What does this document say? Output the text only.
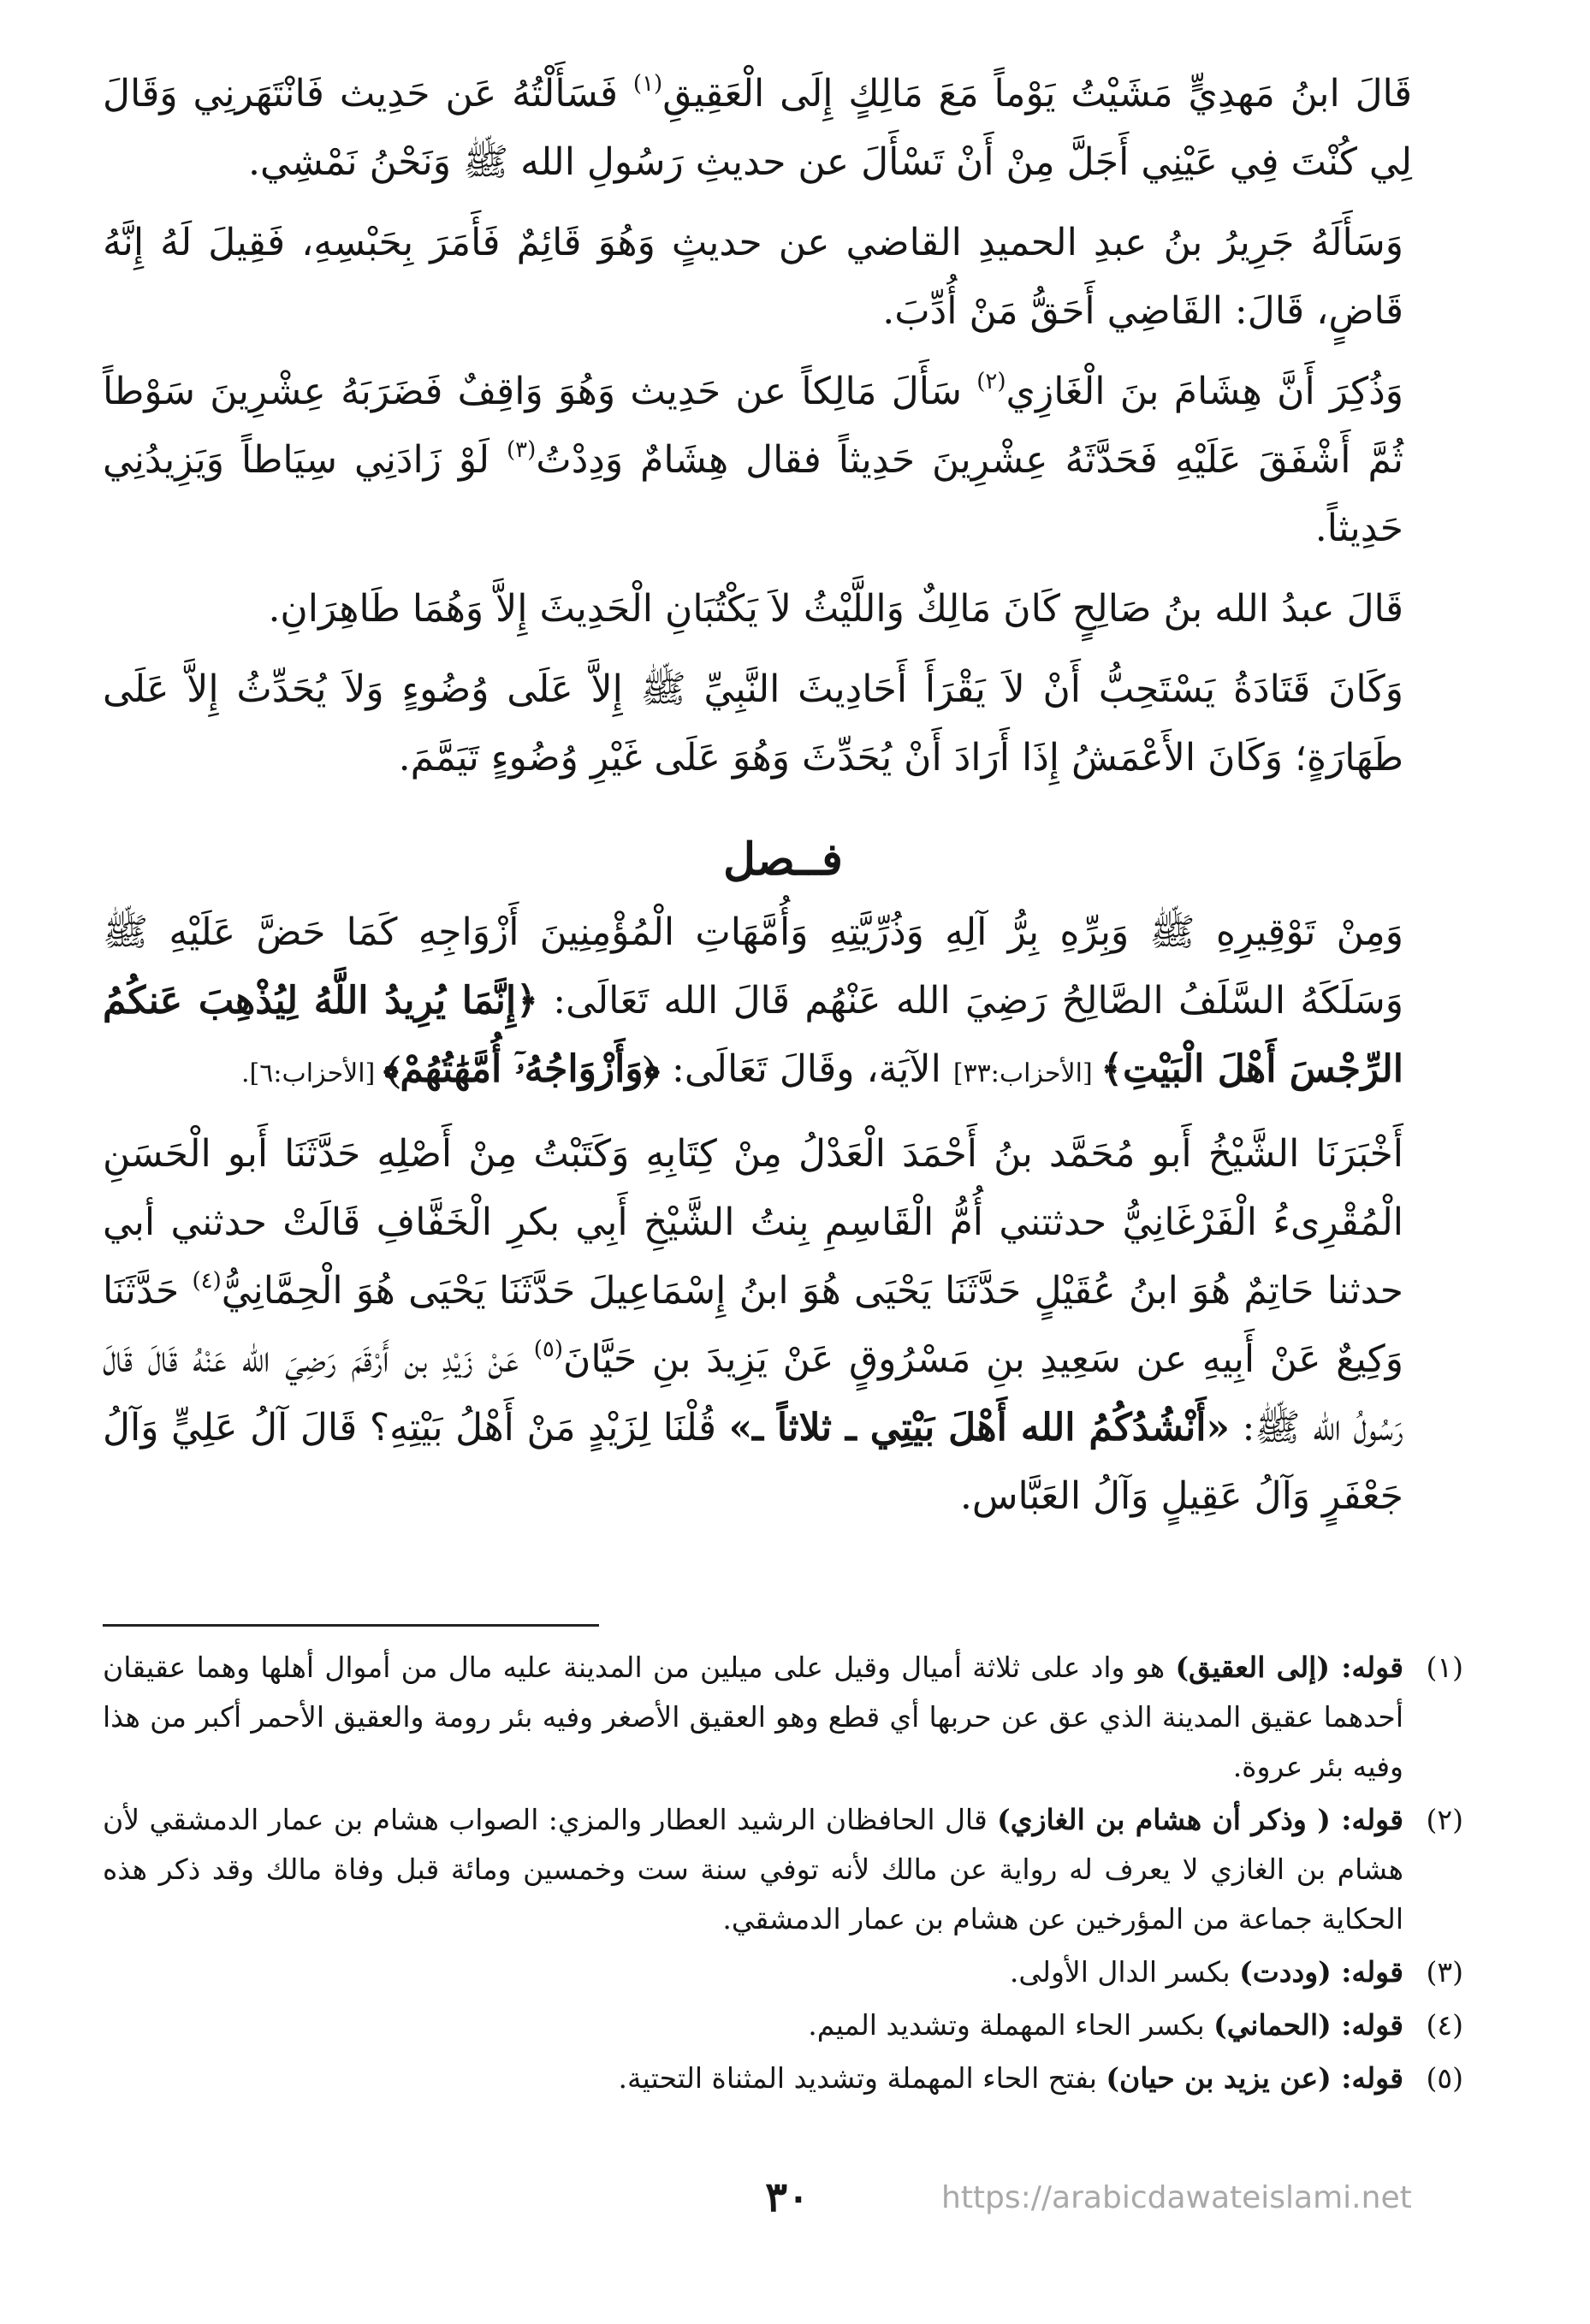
قَالَ ابنُ مَهدِيٍّ مَشَيْتُ يَوْماً مَعَ مَالِكٍ إِلَى الْعَقِيقِ$^{(١)}$ فَسَأَلْتُهُ عَن حَدِيث فَانْتَهَرنِي وَقَالَ لِي كُنْتَ فِي عَيْنِي أَجَلَّ مِنْ أَنْ تَسْأَلَ عن حديثِ رَسُولِ الله ﷺ وَنَحْنُ نَمْشِي.

وَسَأَلَهُ جَرِيرُ بنُ عبدِ الحميدِ القاضي عن حديثٍ وَهُوَ قَائِمٌ فَأَمَرَ بِحَبْسِهِ، فَقِيلَ لَهُ إِنَّهُ قَاضٍ، قَالَ: القَاضِي أَحَقُّ مَنْ أُدِّبَ.

وَذُكِرَ أَنَّ هِشَامَ بنَ الْغَازِي$^{(٢)}$ سَأَلَ مَالِكاً عن حَدِيث وَهُوَ وَاقِفٌ فَضَرَبَهُ عِشْرِينَ سَوْطاً ثُمَّ أَشْفَقَ عَلَيْهِ فَحَدَّثَهُ عِشْرِينَ حَدِيثاً فقال هِشَامٌ وَدِدْتُ$^{(٣)}$ لَوْ زَادَنِي سِيَاطاً وَيَزِيدُنِي حَدِيثاً.

قَالَ عبدُ الله بنُ صَالِحٍ كَانَ مَالِكٌ وَاللَّيْثُ لاَ يَكْتُبَانِ الْحَدِيثَ إِلاَّ وَهُمَا طَاهِرَانِ.

وَكَانَ قَتَادَةُ يَسْتَحِبُّ أَنْ لاَ يَقْرَأَ أَحَادِيثَ النَّبِيِّ ﷺ إِلاَّ عَلَى وُضُوءٍ وَلاَ يُحَدِّثُ إِلاَّ عَلَى طَهَارَةٍ؛ وَكَانَ الأَعْمَشُ إِذَا أَرَادَ أَنْ يُحَدِّثَ وَهُوَ عَلَى غَيْرِ وُضُوءٍ تَيَمَّمَ.

فــصل

وَمِنْ تَوْقِيرِهِ ﷺ وَبِرِّهِ بِرُّ آلِهِ وَذُرِّيَّتِهِ وَأُمَّهَاتِ الْمُؤْمِنِينَ أَزْوَاجِهِ كَمَا حَضَّ عَلَيْهِ ﷺ وَسَلَكَهُ السَّلَفُ الصَّالِحُ رَضِيَ الله عَنْهُم قَالَ الله تَعَالَى: ﴿إِنَّمَا يُرِيدُ اللَّهُ لِيُذْهِبَ عَنكُمُ الرِّجْسَ أَهْلَ الْبَيْتِ﴾ [الأحزاب:٣٣] الآيَة، وقَالَ تَعَالَى: ﴿وَأَزْوَاجُهُۥٓ أُمَّهَٰتُهُمْ﴾ [الأحزاب:٦].

أَخْبَرَنَا الشَّيْخُ أَبو مُحَمَّد بنُ أَحْمَدَ الْعَدْلُ مِنْ كِتَابِهِ وَكَتَبْتُ مِنْ أَصْلِهِ حَدَّثَنَا أَبو الْحَسَنِ الْمُقْرِىءُ الْفَرْغَانِيُّ حدثتني أُمُّ الْقَاسِمِ بِنتُ الشَّيْخِ أَبِي بكرِ الْخَفَّافِ قَالَتْ حدثني أبي حدثنا حَاتِمٌ هُوَ ابنُ عُقَيْلٍ حَدَّثَنَا يَحْيَى هُوَ ابنُ إِسْمَاعِيلَ حَدَّثَنَا يَحْيَى هُوَ الْحِمَّانِيُّ$^{(٤)}$ حَدَّثَنَا وَكِيعٌ عَنْ أَبِيهِ عن سَعِيدِ بنِ مَسْرُوقٍ عَنْ يَزِيدَ بنِ حَيَّانَ$^{(٥)}$ عَنْ زَيْدِ بن أَرْقَمَ رَضِيَ الله عَنْهُ قَالَ قَالَ رَسُولُ الله ﷺ: «أَنْشُدُكُمُ الله أَهْلَ بَيْتِي ـ ثلاثاً ـ» قُلْنَا لِزَيْدٍ مَنْ أَهْلُ بَيْتِهِ؟ قَالَ آلُ عَلِيٍّ وَآلُ جَعْفَرٍ وَآلُ عَقِيلٍ وَآلُ العَبَّاس.

(١)
قوله: (إلى العقيق) هو واد على ثلاثة أميال وقيل على ميلين من المدينة عليه مال من أموال أهلها وهما عقيقان أحدهما عقيق المدينة الذي عق عن حربها أي قطع وهو العقيق الأصغر وفيه بئر رومة والعقيق الأحمر أكبر من هذا وفيه بئر عروة.
(٢)
قوله: ( وذكر أن هشام بن الغازي) قال الحافظان الرشيد العطار والمزي: الصواب هشام بن عمار الدمشقي لأن هشام بن الغازي لا يعرف له رواية عن مالك لأنه توفي سنة ست وخمسين ومائة قبل وفاة مالك وقد ذكر هذه الحكاية جماعة من المؤرخين عن هشام بن عمار الدمشقي.
(٣)
قوله: (وددت) بكسر الدال الأولى.
(٤)
قوله: (الحماني) بكسر الحاء المهملة وتشديد الميم.
(٥)
قوله: (عن يزيد بن حيان) بفتح الحاء المهملة وتشديد المثناة التحتية.
٣٠	https://arabicdawateislami.net
